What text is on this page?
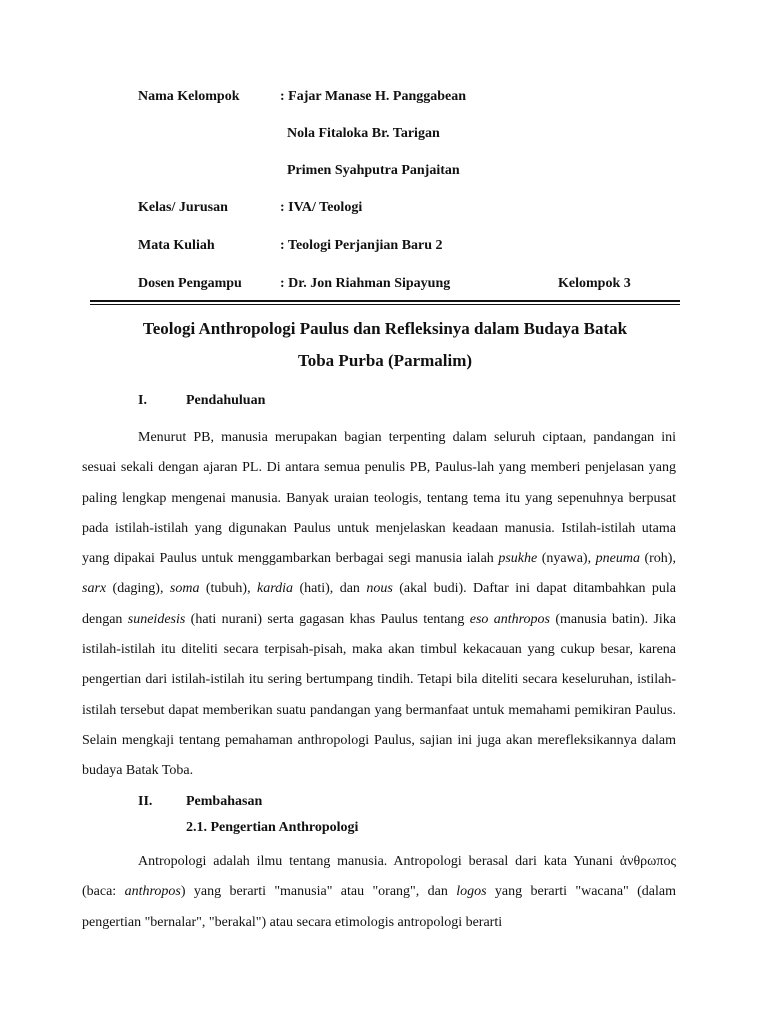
Nama Kelompok	: Fajar Manase H. Panggabean
Nola Fitaloka Br. Tarigan
Primen Syahputra Panjaitan
Kelas/ Jurusan	: IVA/ Teologi
Mata Kuliah	: Teologi Perjanjian Baru 2
Dosen Pengampu	: Dr. Jon Riahman Sipayung	Kelompok 3
Teologi Anthropologi Paulus dan Refleksinya dalam Budaya Batak
Toba Purba (Parmalim)
I.	Pendahuluan

Menurut PB, manusia merupakan bagian terpenting dalam seluruh ciptaan, pandangan ini sesuai sekali dengan ajaran PL. Di antara semua penulis PB, Paulus-lah yang memberi penjelasan yang paling lengkap mengenai manusia. Banyak uraian teologis, tentang tema itu yang sepenuhnya berpusat pada istilah-istilah yang digunakan Paulus untuk menjelaskan keadaan manusia. Istilah-istilah utama yang dipakai Paulus untuk menggambarkan berbagai segi manusia ialah psukhe (nyawa), pneuma (roh), sarx (daging), soma (tubuh), kardia (hati), dan nous (akal budi). Daftar ini dapat ditambahkan pula dengan suneidesis (hati nurani) serta gagasan khas Paulus tentang eso anthropos (manusia batin). Jika istilah-istilah itu diteliti secara terpisah-pisah, maka akan timbul kekacauan yang cukup besar, karena pengertian dari istilah-istilah itu sering bertumpang tindih. Tetapi bila diteliti secara keseluruhan, istilah-istilah tersebut dapat memberikan suatu pandangan yang bermanfaat untuk memahami pemikiran Paulus. Selain mengkaji tentang pemahaman anthropologi Paulus, sajian ini juga akan merefleksikannya dalam budaya Batak Toba.

II. Pembahasan
2.1. Pengertian Anthropologi

Antropologi adalah ilmu tentang manusia. Antropologi berasal dari kata Yunani ἀνθρωπος (baca: anthropos) yang berarti "manusia" atau "orang", dan logos yang berarti "wacana" (dalam pengertian "bernalar", "berakal") atau secara etimologis antropologi berarti
